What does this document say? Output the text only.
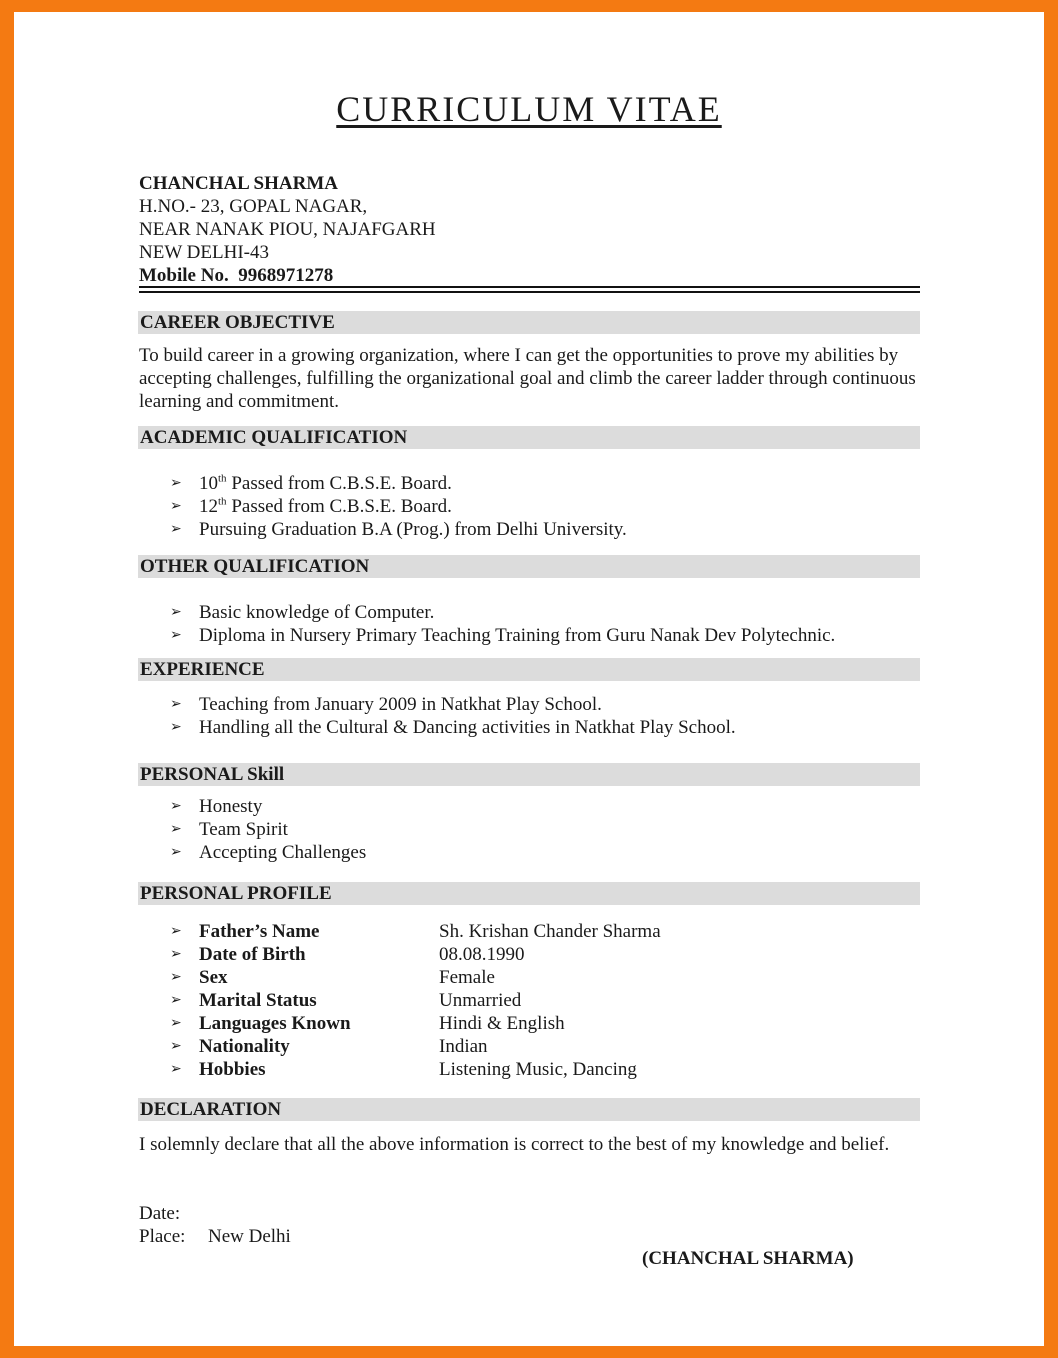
CURRICULUM VITAE
CHANCHAL SHARMA
H.NO.- 23, GOPAL NAGAR,
NEAR NANAK PIOU, NAJAFGARH
NEW DELHI-43
Mobile No.  9968971278
CAREER OBJECTIVE
To build career in a growing organization, where I can get the opportunities to prove my abilities by accepting challenges, fulfilling the organizational goal and climb the career ladder through continuous learning and commitment.
ACADEMIC QUALIFICATION
➢ 10th Passed from C.B.S.E. Board.
➢ 12th Passed from C.B.S.E. Board.
➢ Pursuing Graduation B.A (Prog.) from Delhi University.
OTHER QUALIFICATION
➢ Basic knowledge of Computer.
➢ Diploma in Nursery Primary Teaching Training from Guru Nanak Dev Polytechnic.
EXPERIENCE
➢ Teaching from January 2009 in Natkhat Play School.
➢ Handling all the Cultural & Dancing activities in Natkhat Play School.
PERSONAL Skill
➢ Honesty
➢ Team Spirit
➢ Accepting Challenges
PERSONAL PROFILE
➢ Father’s Name	Sh. Krishan Chander Sharma
➢ Date of Birth	08.08.1990
➢ Sex	Female
➢ Marital Status	Unmarried
➢ Languages Known	Hindi & English
➢ Nationality	Indian
➢ Hobbies	Listening Music, Dancing
DECLARATION
I solemnly declare that all the above information is correct to the best of my knowledge and belief.
Date:
Place:	New Delhi
(CHANCHAL SHARMA)
